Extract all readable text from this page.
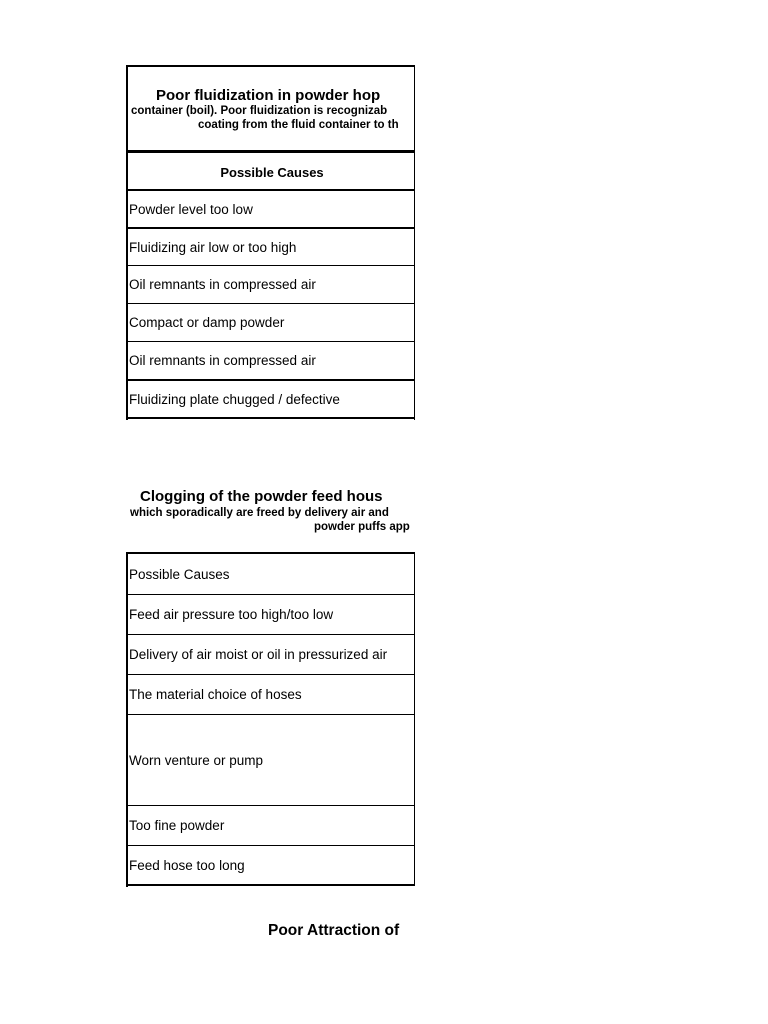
Poor fluidization in powder hop
container (boil). Poor fluidization is recognizab
coating from the fluid container to th
Possible Causes
Powder level too low
Fluidizing air low or too high
Oil remnants in compressed air
Compact or damp powder
Oil remnants in compressed air
Fluidizing plate chugged / defective
Clogging of the powder feed hous
which sporadically are freed by delivery air and
powder puffs app
Possible Causes
Feed air pressure too high/too low
Delivery of air moist or oil in pressurized air
The material choice of hoses
Worn venture or pump
Too fine powder
Feed hose too long
Poor Attraction of
